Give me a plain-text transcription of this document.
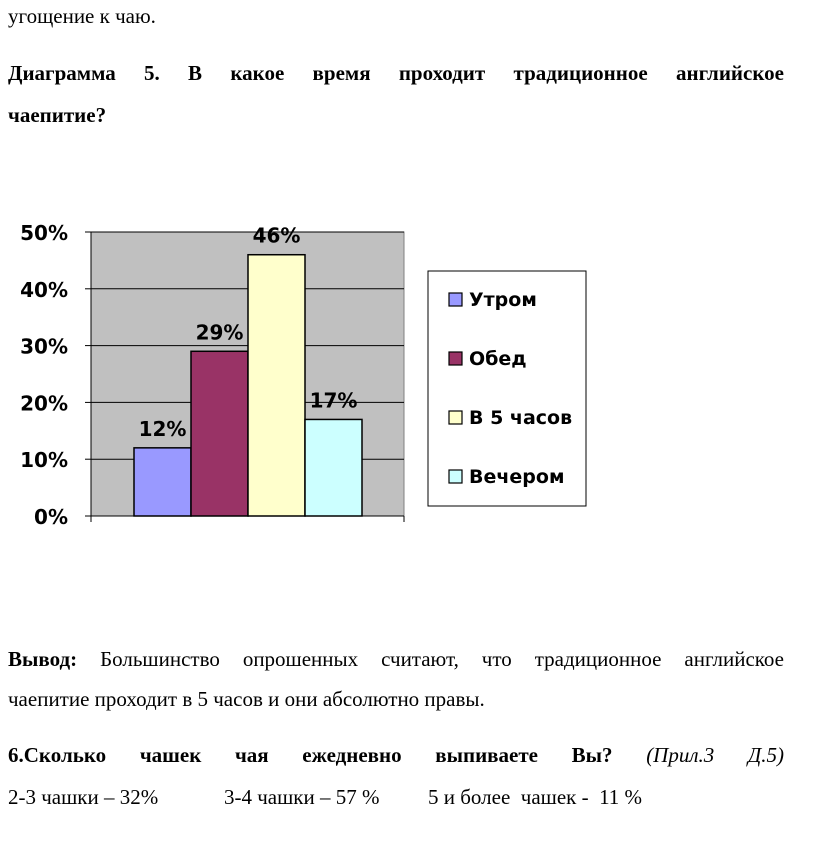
угощение к чаю.
Диаграмма 5. В какое время проходит традиционное английское
чаепитие?
0%
10%
20%
30%
40%
50%
12%
29%
46%
17%
Утром
Обед
В 5 часов
Вечером
Вывод: Большинство опрошенных считают, что традиционное английское
чаепитие проходит в 5 часов и они абсолютно правы.
6.Сколько чашек чая ежедневно выпиваете Вы? (Прил.3 Д.5)
2-3 чашки – 32%	3-4 чашки – 57 % 5 и более  чашек -  11 %
